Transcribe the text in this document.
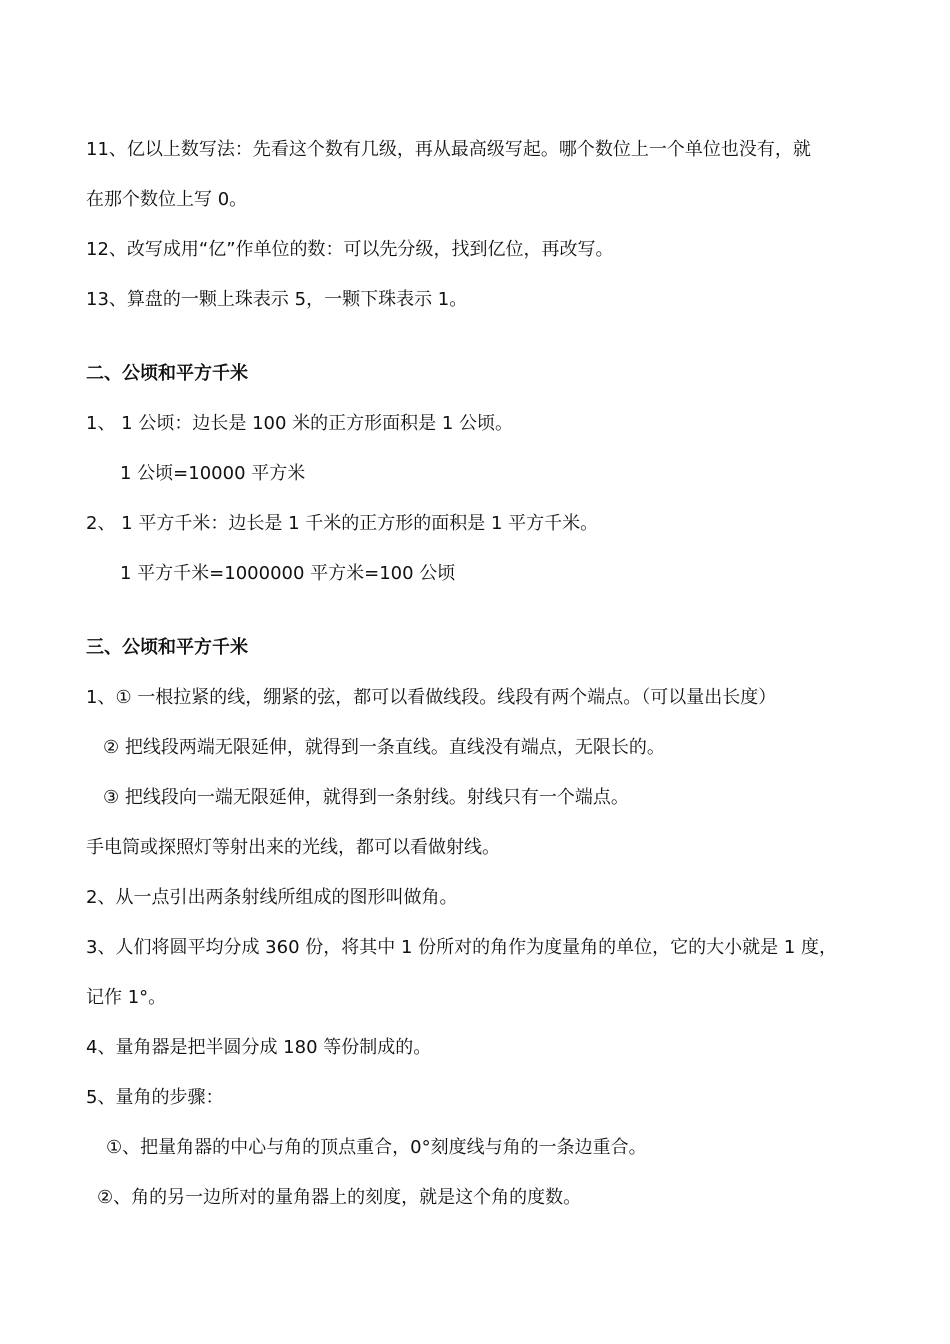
11、亿以上数写法：先看这个数有几级，再从最高级写起。哪个数位上一个单位也没有，就
在那个数位上写 0。
12、改写成用“亿”作单位的数：可以先分级，找到亿位，再改写。
13、算盘的一颗上珠表示 5，一颗下珠表示 1。
二、公顷和平方千米
1、 1 公顷：边长是 100 米的正方形面积是 1 公顷。
1 公顷=10000 平方米
2、 1 平方千米：边长是 1 千米的正方形的面积是 1 平方千米。
1 平方千米=1000000 平方米=100 公顷
三、公顷和平方千米
1、① 一根拉紧的线，绷紧的弦，都可以看做线段。线段有两个端点。（可以量出长度）
② 把线段两端无限延伸，就得到一条直线。直线没有端点，无限长的。
③ 把线段向一端无限延伸，就得到一条射线。射线只有一个端点。
手电筒或探照灯等射出来的光线，都可以看做射线。
2、从一点引出两条射线所组成的图形叫做角。
3、人们将圆平均分成 360 份，将其中 1 份所对的角作为度量角的单位，它的大小就是 1 度，
记作 1°。
4、量角器是把半圆分成 180 等份制成的。
5、量角的步骤：
①、把量角器的中心与角的顶点重合，0°刻度线与角的一条边重合。
②、角的另一边所对的量角器上的刻度，就是这个角的度数。
